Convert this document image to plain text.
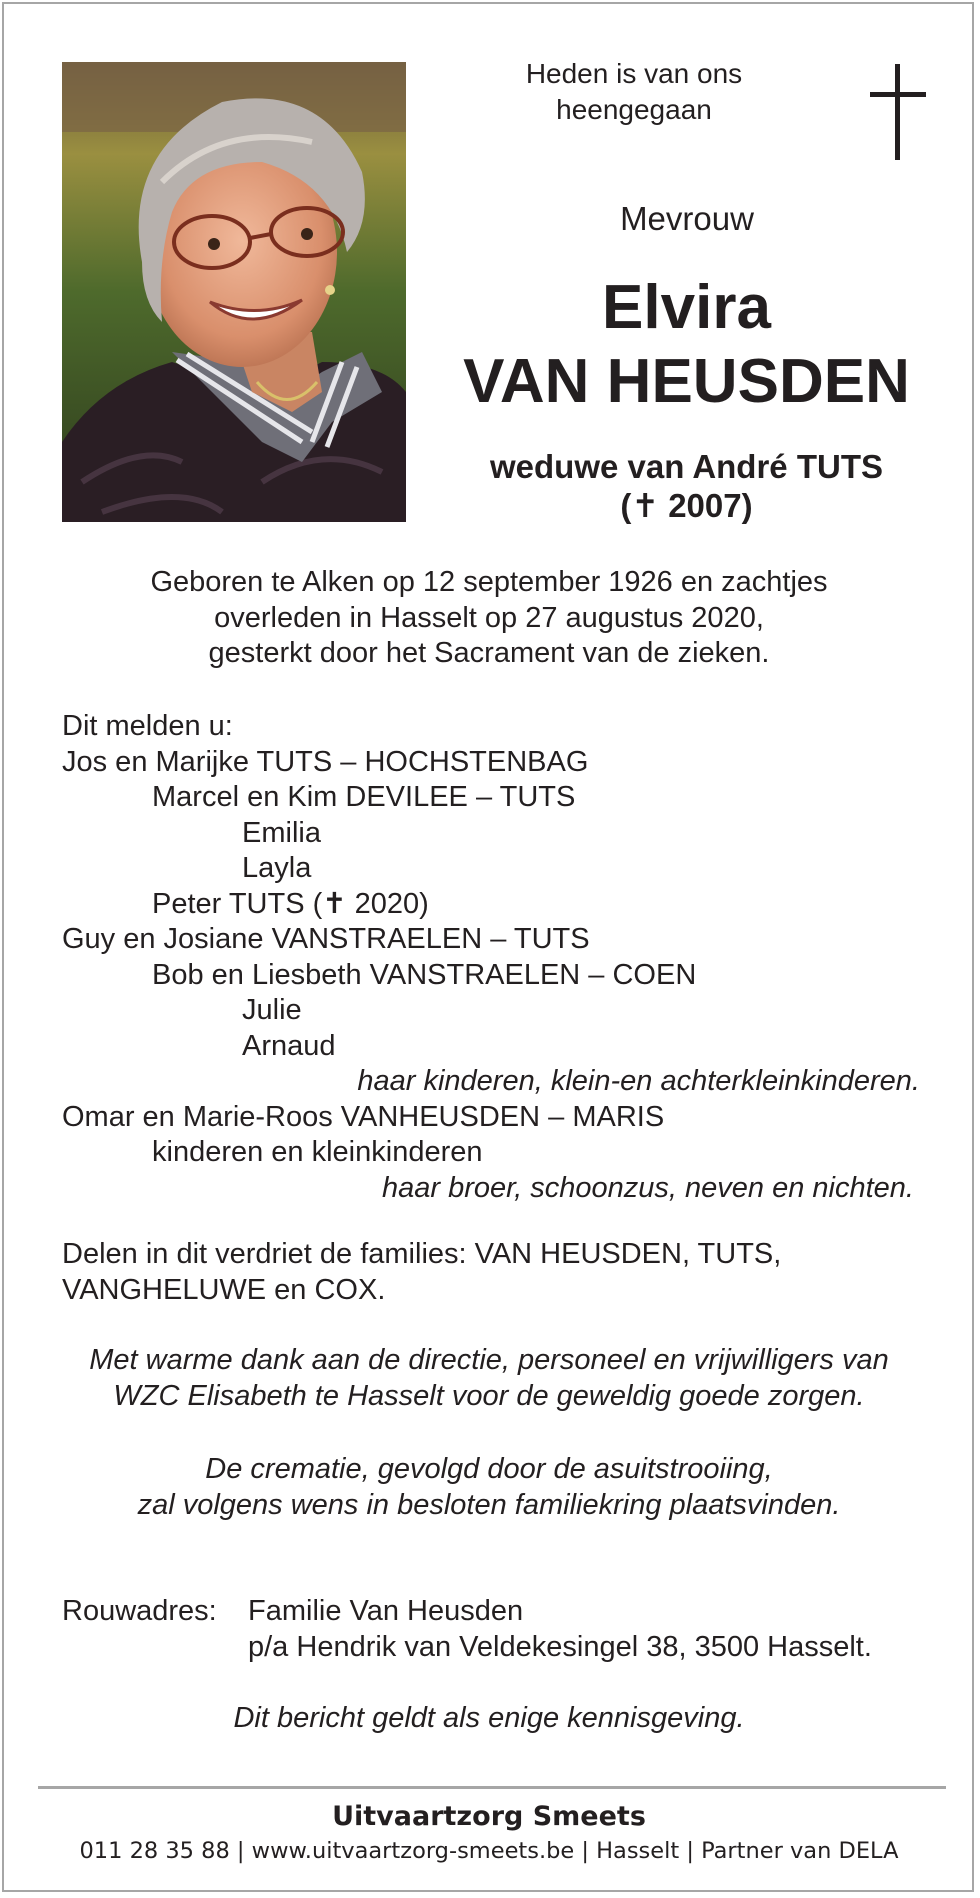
Heden is van ons
heengegaan
Mevrouw
Elvira
VAN HEUSDEN
weduwe van André TUTS
(✝ 2007)
Geboren te Alken op 12 september 1926 en zachtjes
overleden in Hasselt op 27 augustus 2020,
gesterkt door het Sacrament van de zieken.
Dit melden u:
Jos en Marijke TUTS – HOCHSTENBAG
Marcel en Kim DEVILEE – TUTS
Emilia
Layla
Peter TUTS (✝ 2020)
Guy en Josiane VANSTRAELEN – TUTS
Bob en Liesbeth VANSTRAELEN – COEN
Julie
Arnaud
haar kinderen, klein-en achterkleinkinderen.
Omar en Marie-Roos VANHEUSDEN – MARIS
kinderen en kleinkinderen
haar broer, schoonzus, neven en nichten.
Delen in dit verdriet de families: VAN HEUSDEN, TUTS,
VANGHELUWE en COX.
Met warme dank aan de directie, personeel en vrijwilligers van
WZC Elisabeth te Hasselt voor de geweldig goede zorgen.
De crematie, gevolgd door de asuitstrooiing,
zal volgens wens in besloten familiekring plaatsvinden.
Rouwadres: Familie Van Heusden
p/a Hendrik van Veldekesingel 38, 3500 Hasselt.
Dit bericht geldt als enige kennisgeving.
Uitvaartzorg Smeets
011 28 35 88 | www.uitvaartzorg-smeets.be | Hasselt | Partner van DELA
